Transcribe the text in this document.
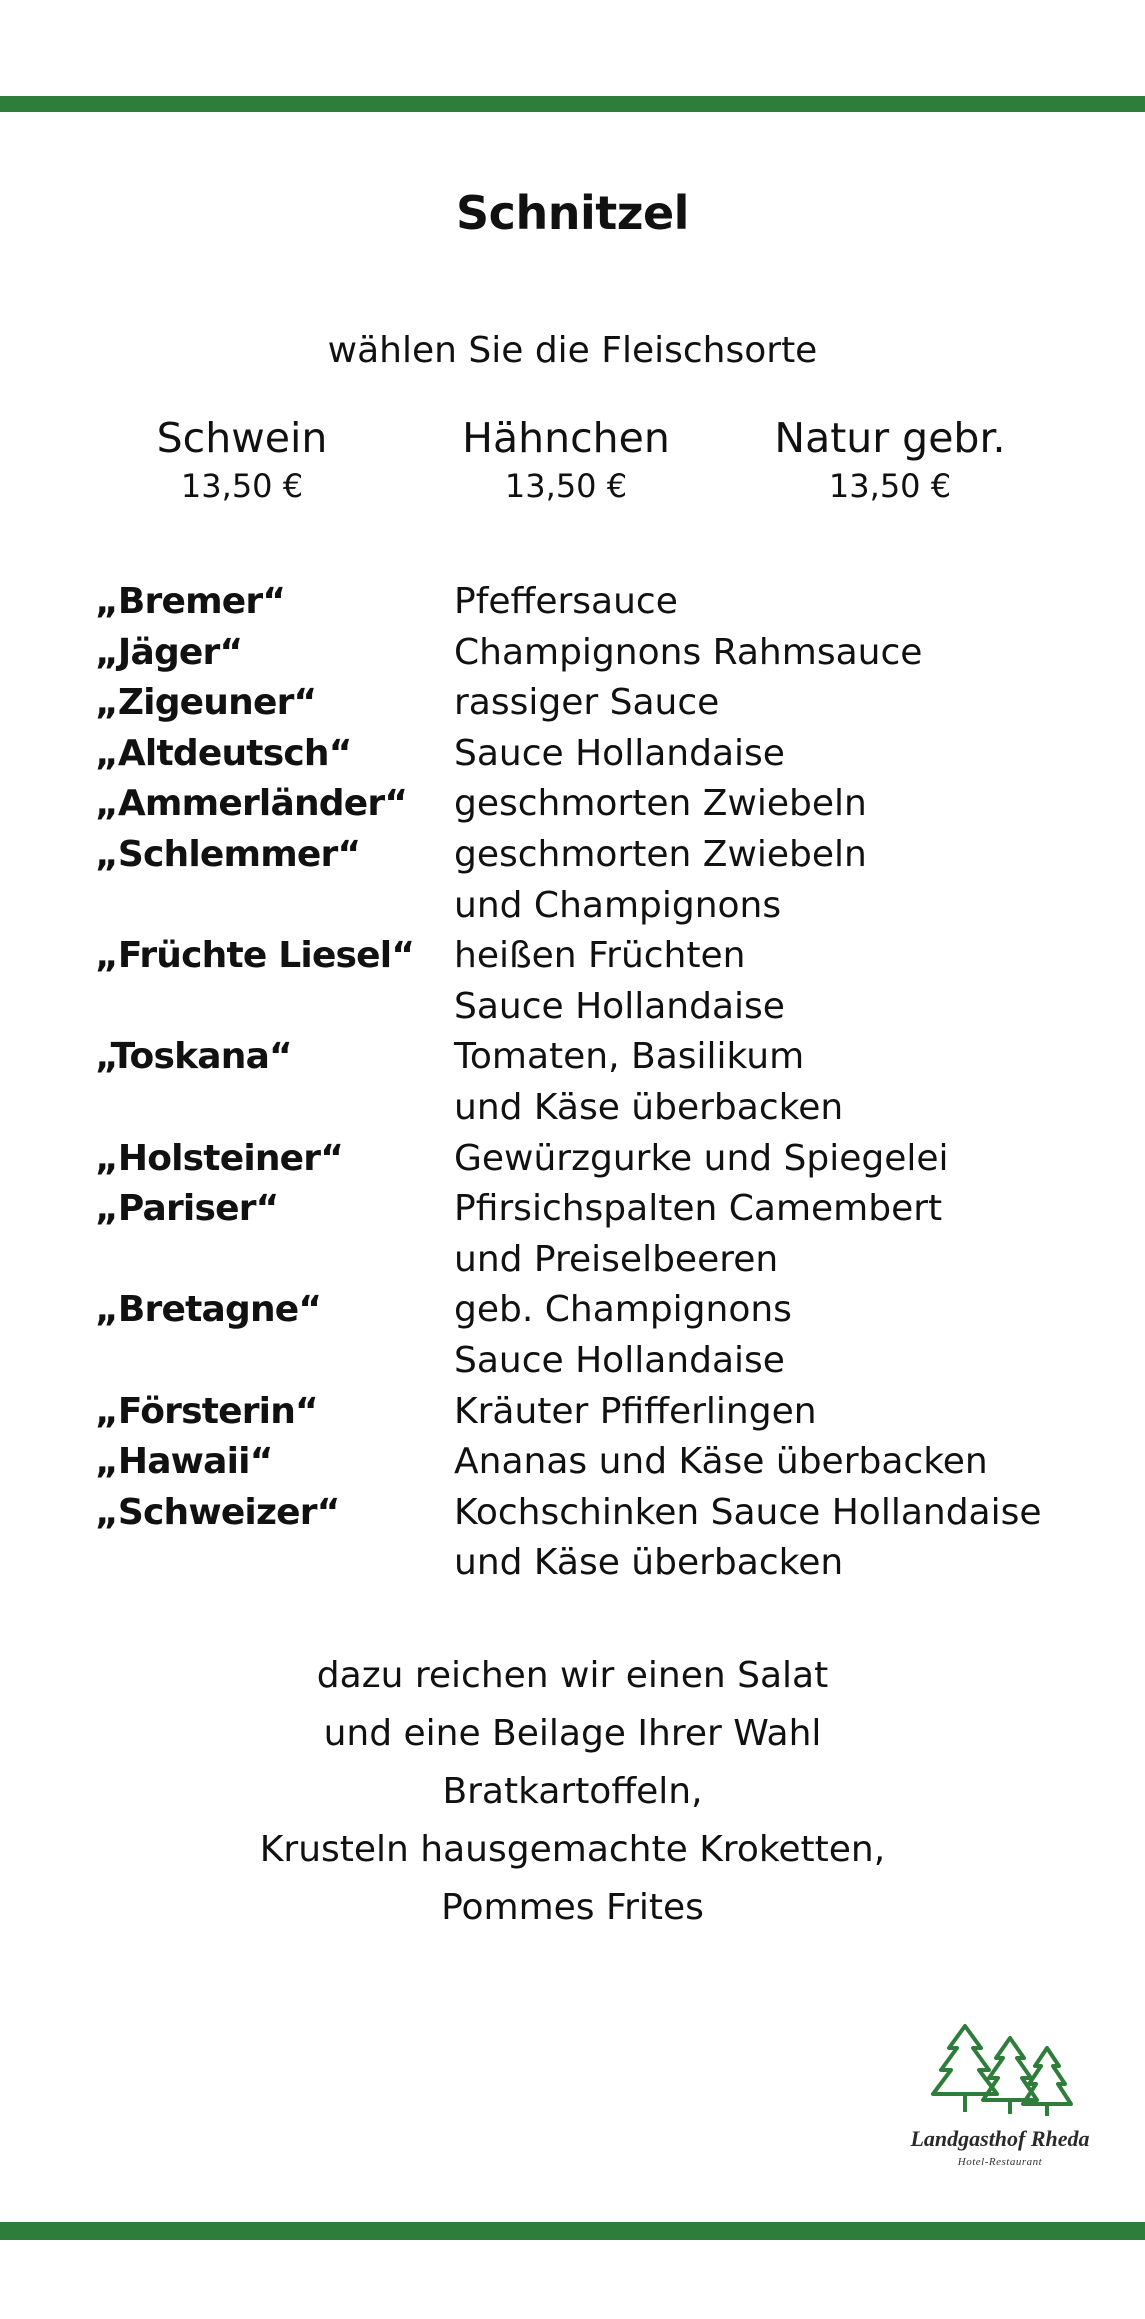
Schnitzel
wählen Sie die Fleischsorte
Schwein
13,50 €
Hähnchen
13,50 €
Natur gebr.
13,50 €
„Bremer“	Pfeffersauce
„Jäger“	Champignons Rahmsauce
„Zigeuner“	rassiger Sauce
„Altdeutsch“	Sauce Hollandaise
„Ammerländer“	geschmorten Zwiebeln
„Schlemmer“	geschmorten Zwiebeln
und Champignons
„Früchte Liesel“	heißen Früchten
Sauce Hollandaise
„Toskana“	Tomaten, Basilikum
und Käse überbacken
„Holsteiner“	Gewürzgurke und Spiegelei
„Pariser“	Pfirsichspalten Camembert
und Preiselbeeren
„Bretagne“	geb. Champignons
Sauce Hollandaise
„Försterin“	Kräuter Pfifferlingen
„Hawaii“	Ananas und Käse überbacken
„Schweizer“	Kochschinken Sauce Hollandaise
und Käse überbacken
dazu reichen wir einen Salat
und eine Beilage Ihrer Wahl
Bratkartoffeln,
Krusteln hausgemachte Kroketten,
Pommes Frites
Landgasthof Rheda
Hotel-Restaurant
